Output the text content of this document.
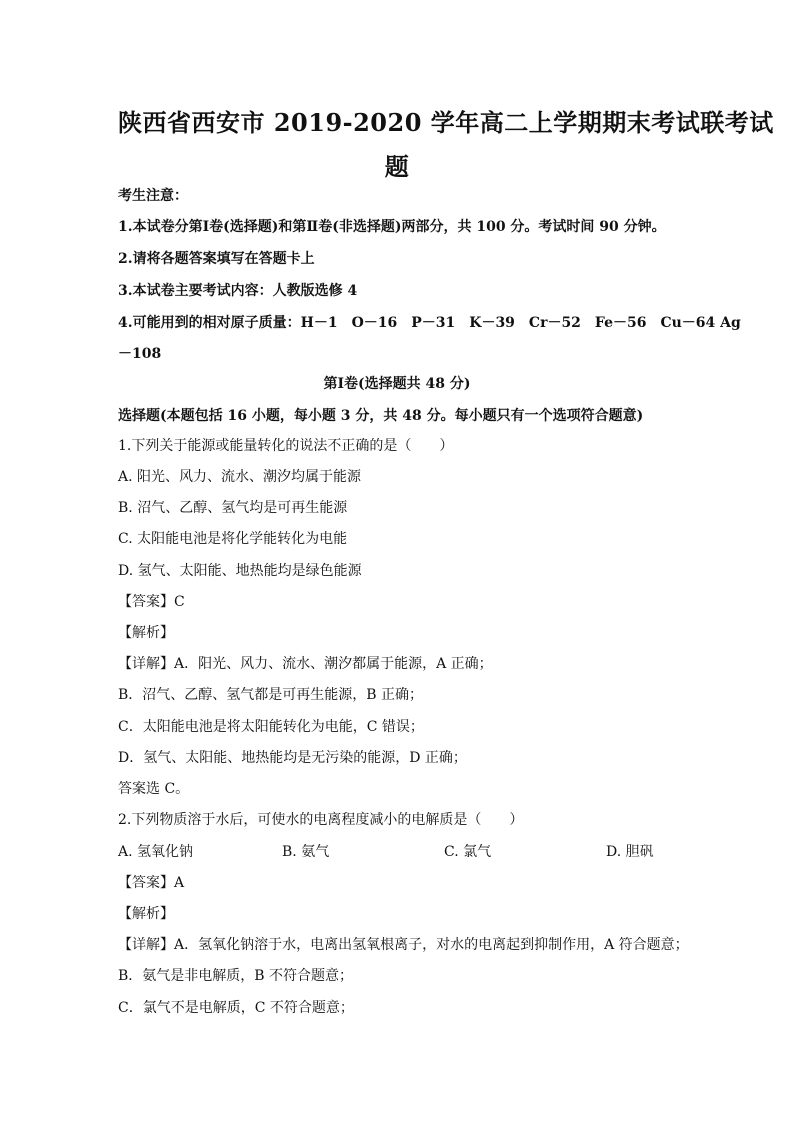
陕西省西安市 2019-2020 学年高二上学期期末考试联考试
题
考生注意：
1.本试卷分第Ⅰ卷(选择题)和第Ⅱ卷(非选择题)两部分，共 100 分。考试时间 90 分钟。
2.请将各题答案填写在答题卡上
3.本试卷主要考试内容：人教版选修 4
4.可能用到的相对原子质量：H－1　O－16　P－31　K－39　Cr－52　Fe－56　Cu－64 Ag
－108
第Ⅰ卷(选择题共 48 分)
选择题(本题包括 16 小题，每小题 3 分，共 48 分。每小题只有一个选项符合题意)
1.下列关于能源或能量转化的说法不正确的是（　　）
A. 阳光、风力、流水、潮汐均属于能源
B. 沼气、乙醇、氢气均是可再生能源
C. 太阳能电池是将化学能转化为电能
D. 氢气、太阳能、地热能均是绿色能源
【答案】C
【解析】
【详解】A．阳光、风力、流水、潮汐都属于能源，A 正确；
B．沼气、乙醇、氢气都是可再生能源，B 正确；
C．太阳能电池是将太阳能转化为电能，C 错误；
D．氢气、太阳能、地热能均是无污染的能源，D 正确；
答案选 C。
2.下列物质溶于水后，可使水的电离程度减小的电解质是（　　）
A. 氢氧化钠	B. 氨气	C. 氯气	D. 胆矾
【答案】A
【解析】
【详解】A．氢氧化钠溶于水，电离出氢氧根离子，对水的电离起到抑制作用，A 符合题意；
B．氨气是非电解质，B 不符合题意；
C．氯气不是电解质，C 不符合题意；
